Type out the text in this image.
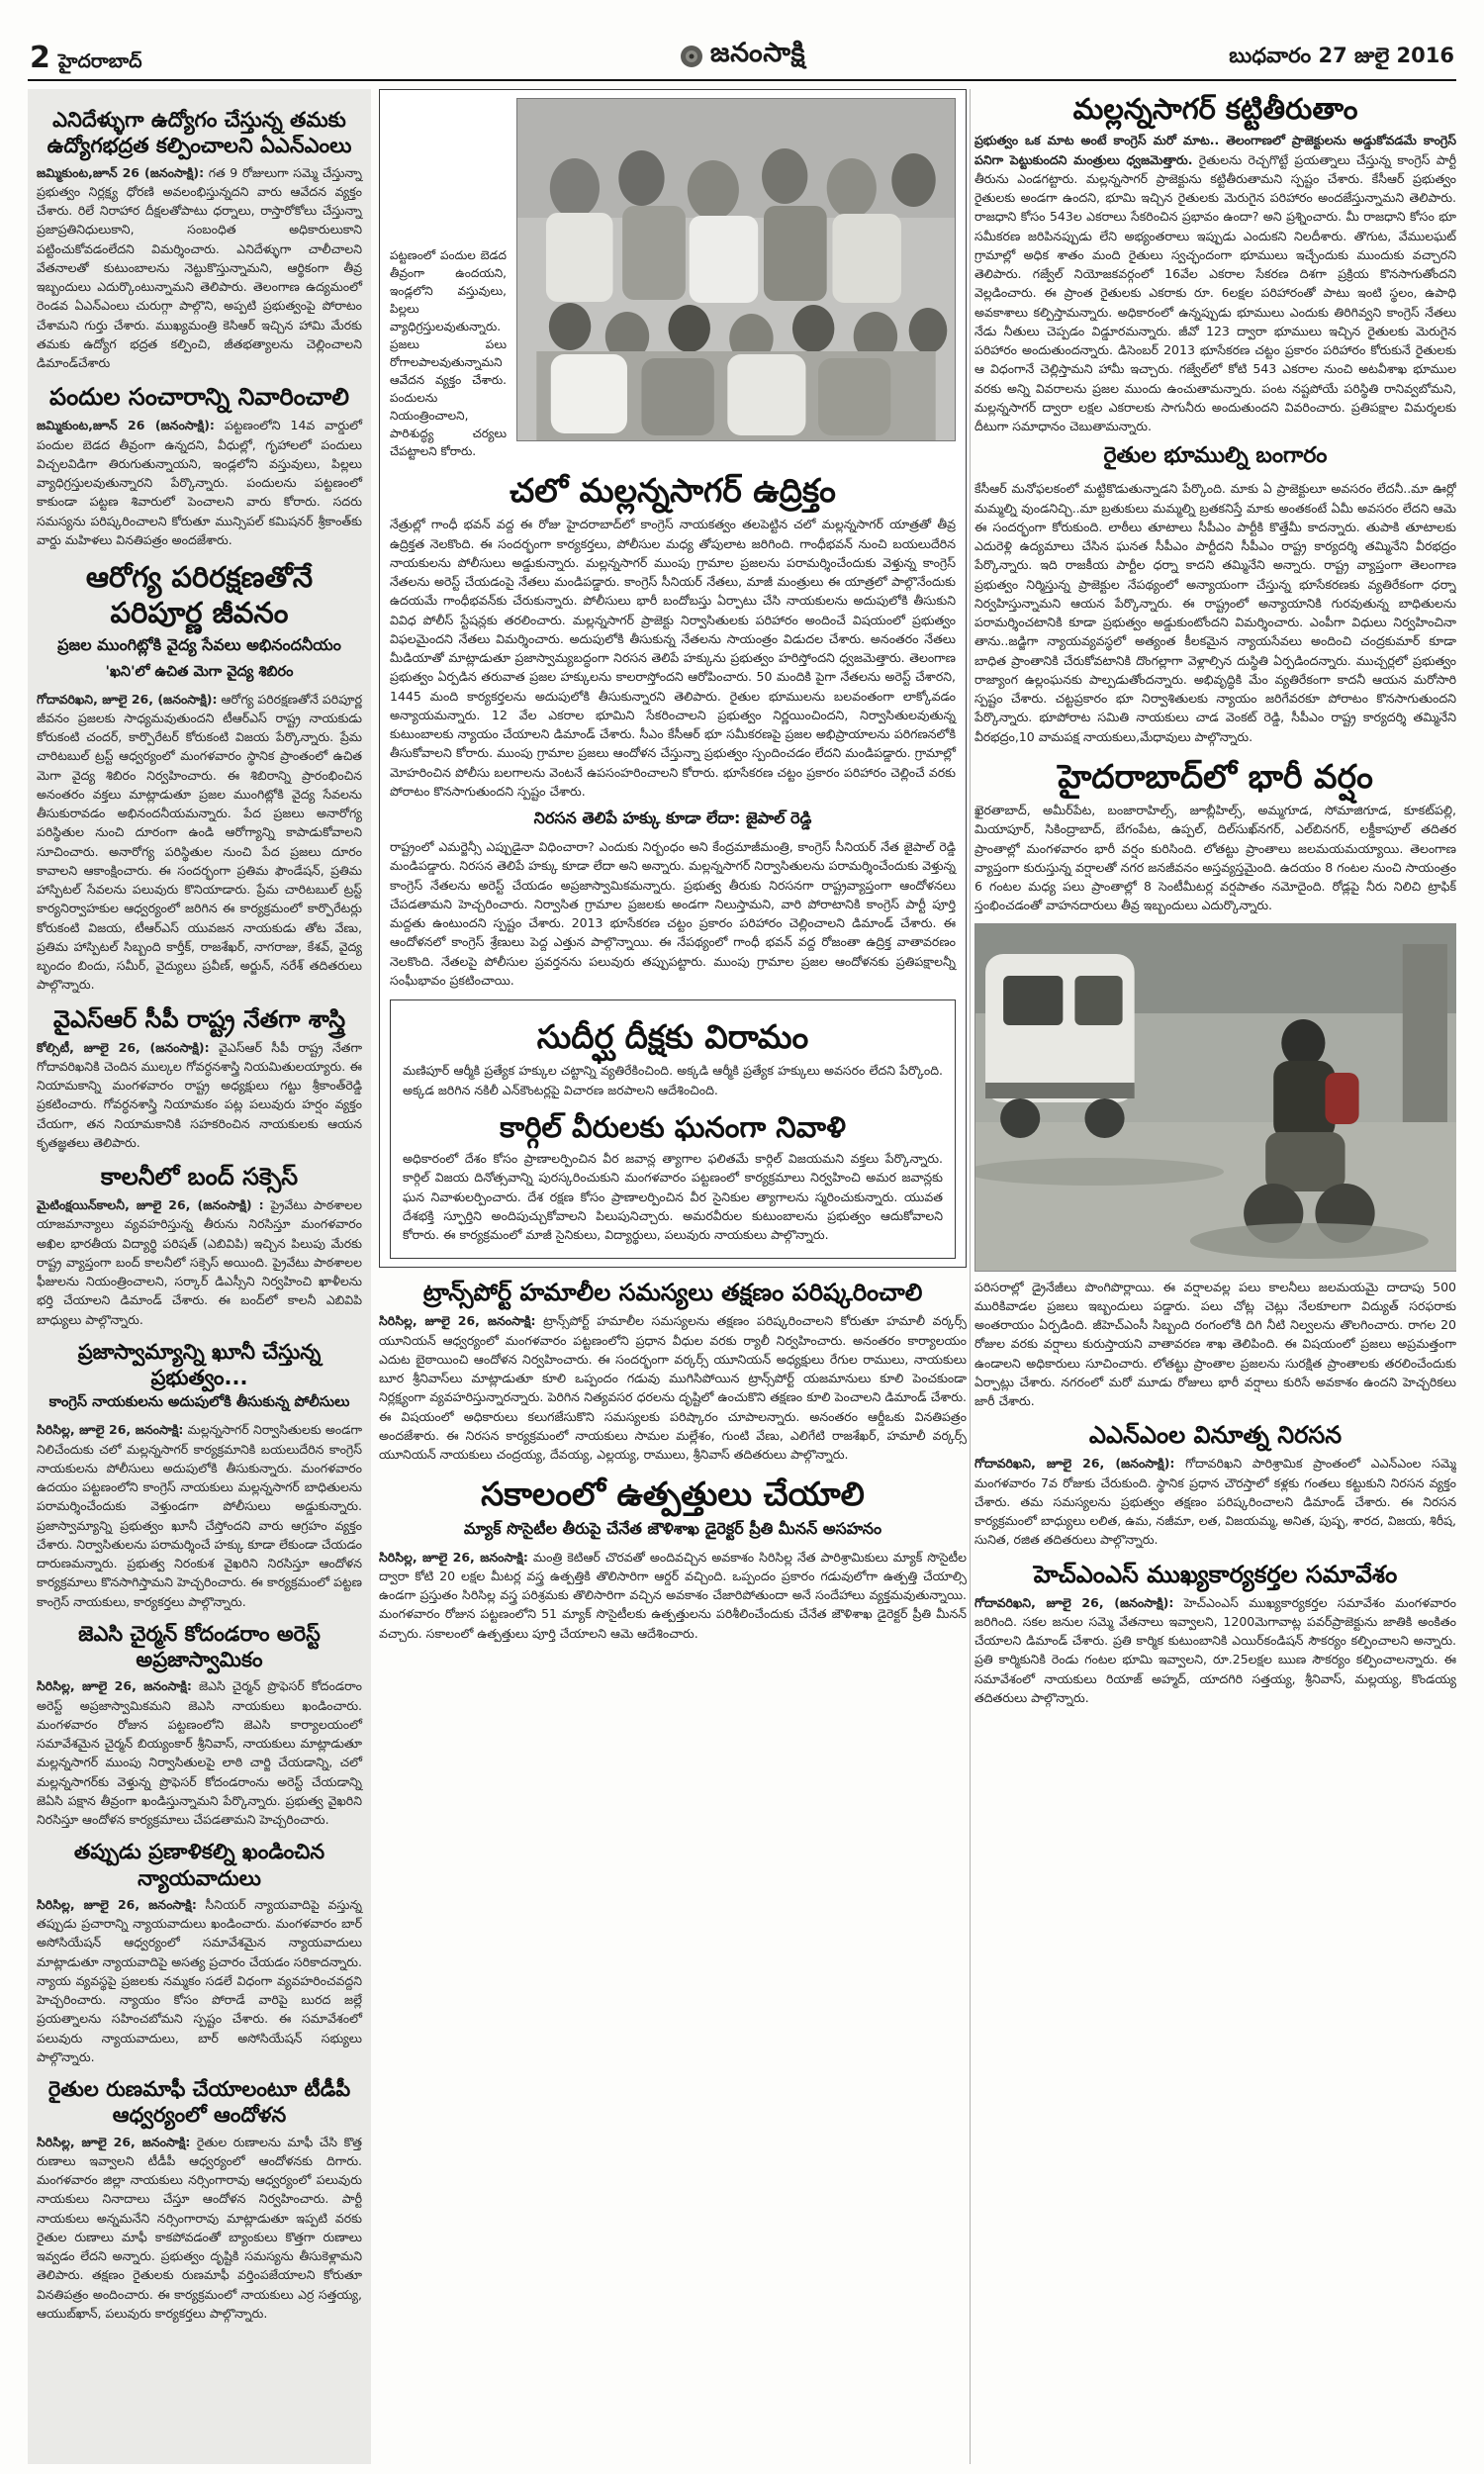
2 హైదరాబాద్	జనంసాక్షి	బుధవారం 27 జులై 2016
ఎనిదేళ్ళుగా ఉద్యోగం చేస్తున్న తమకు ఉద్యోగభద్రత కల్పించాలని ఏఎన్ఎంలు

జమ్మికుంట,జూన్ 26 (జనంసాక్షి): గత 9 రోజులుగా సమ్మె చేస్తున్నా ప్రభుత్వం నిర్లక్ష్య ధోరణి అవలంభిస్తున్నదని వారు ఆవేదన వ్యక్తం చేశారు. రిలే నిరాహార దీక్షలతోపాటు ధర్నాలు, రాస్తారోకోలు చేస్తున్నా ప్రజాప్రతినిధులుకాని, సంబంధిత అధికారులుకాని పట్టించుకోవడంలేదని విమర్శించారు. ఎనిదేళ్ళుగా చాలీచాలని వేతనాలతో కుటుంబాలను నెట్టుకొస్తున్నామని, ఆర్థికంగా తీవ్ర ఇబ్బందులు ఎదుర్కొంటున్నామని తెలిపారు. తెలంగాణ ఉద్యమంలో రెండవ ఏఎన్ఎంలు చురుగ్గా పాల్గొని, అప్పటి ప్రభుత్వంపై పోరాటం చేశామని గుర్తు చేశారు. ముఖ్యమంత్రి కెసిఆర్ ఇచ్చిన హామి మేరకు తమకు ఉద్యోగ భద్రత కల్పించి, జీతభత్యాలను చెల్లించాలని డిమాండ్‌చేశారు

పందుల సంచారాన్ని నివారించాలి

జమ్మికుంట,జూన్ 26 (జనంసాక్షి): పట్టణంలోని 14వ వార్డులో పందుల బెడద తీవ్రంగా ఉన్నదని, వీధుల్లో, గృహాలలో పందులు విచ్చలవిడిగా తిరుగుతున్నాయని, ఇండ్లలోని వస్తువులు, పిల్లలు వ్యాధిగ్రస్తులవుతున్నారని పేర్కొన్నారు. పందులను పట్టణంలో కాకుండా పట్టణ శివారులో పెంచాలని వారు కోరారు. సదరు సమస్యను పరిష్కరించాలని కోరుతూ మున్సిపల్ కమిషనర్ శ్రీకాంత్‌కు వార్డు మహిళలు వినతిపత్రం అందజేశారు.

ఆరోగ్య పరిరక్షణతోనే పరిపూర్ణ జీవనం
ప్రజల ముంగిట్లోకి వైద్య సేవలు అభినందనీయం
'ఖని'లో ఉచిత మెగా వైద్య శిబిరం

గోదావరిఖని, జూలై 26, (జనంసాక్షి): ఆరోగ్య పరిరక్షణతోనే పరిపూర్ణ జీవనం ప్రజలకు సాధ్యమవుతుందని టీఆర్ఎస్ రాష్ట్ర నాయకుడు కోరుకంటి చందర్, కార్పొరేటర్ కోరుకంటి విజయ పేర్కొన్నారు. ప్రేమ చారిటబుల్ ట్రస్ట్ ఆధ్వర్యంలో మంగళవారం స్థానిక ప్రాంతంలో ఉచిత మెగా వైద్య శిబిరం నిర్వహించారు. ఈ శిబిరాన్ని ప్రారంభించిన అనంతరం వక్తలు మాట్లాడుతూ ప్రజల ముంగిట్లోకి వైద్య సేవలను తీసుకురావడం అభినందనీయమన్నారు. పేద ప్రజలు అనారోగ్య పరిస్థితుల నుంచి దూరంగా ఉండి ఆరోగ్యాన్ని కాపాడుకోవాలని సూచించారు. అనారోగ్య పరిస్థితుల నుంచి పేద ప్రజలు దూరం కావాలని ఆకాంక్షించారు. ఈ సందర్భంగా ప్రతిమ ఫౌండేషన్, ప్రతిమ హాస్పిటల్ సేవలను పలువురు కొనియాడారు. ప్రేమ చారిటబుల్ ట్రస్ట్ కార్యనిర్వాహకుల ఆధ్వర్యంలో జరిగిన ఈ కార్యక్రమంలో కార్పొరేటర్లు కోరుకంటి విజయ, టీఆర్ఎస్ యువజన నాయకుడు తోట వేణు, ప్రతిమ హాస్పిటల్ సిబ్బంది కార్తీక్, రాజశేఖర్, నాగరాజు, కేశవ్, వైద్య బృందం బిందు, సమీర్, వైద్యులు ప్రవీణ్, అర్జున్, నరేశ్ తదితరులు పాల్గొన్నారు.

వైఎస్ఆర్ సీపీ రాష్ట్ర నేతగా శాస్త్రి

కోల్సిటీ, జూలై 26, (జనంసాక్షి): వైఎస్ఆర్ సీపీ రాష్ట్ర నేతగా గోదావరిఖనికి చెందిన ముల్కల గోవర్ధనశాస్త్రి నియమితులయ్యారు. ఈ నియామకాన్ని మంగళవారం రాష్ట్ర అధ్యక్షులు గట్టు శ్రీకాంత్‌రెడ్డి ప్రకటించారు. గోవర్ధనశాస్త్రి నియామకం పట్ల పలువురు హర్షం వ్యక్తం చేయగా, తన నియామకానికి సహకరించిన నాయకులకు ఆయన కృతజ్ఞతలు తెలిపారు.

కాలనీలో బంద్ సక్సెస్

మైటింక్షయిన్‌కాలనీ, జూలై 26, (జనంసాక్షి) : ప్రైవేటు పాఠశాలల యాజమాన్యాలు వ్యవహరిస్తున్న తీరును నిరసిస్తూ మంగళవారం అఖిల భారతీయ విద్యార్థి పరిషత్ (ఎబివిపి) ఇచ్చిన పిలుపు మేరకు రాష్ట్ర వ్యాప్తంగా బంద్ కాలనీలో సక్సెస్ అయింది. ప్రైవేటు పాఠశాలల ఫీజులను నియంత్రించాలని, సర్కార్ డిఎస్సీని నిర్వహించి ఖాళీలను భర్తి చేయాలని డిమాండ్ చేశారు. ఈ బంద్‌లో కాలనీ ఎబివిపి బాధ్యులు పాల్గొన్నారు.

ప్రజాస్వామ్యాన్ని ఖూనీ చేస్తున్న ప్రభుత్వం...
కాంగ్రెస్ నాయకులను అదుపులోకి తీసుకున్న పోలీసులు

సిరిసిల్ల, జూలై 26, జనంసాక్షి: మల్లన్నసాగర్ నిర్వాసితులకు అండగా నిలిచేందుకు చలో మల్లన్నసాగర్ కార్యక్రమానికి బయలుదేరిన కాంగ్రెస్ నాయకులను పోలీసులు అదుపులోకి తీసుకున్నారు. మంగళవారం ఉదయం పట్టణంలోని కాంగ్రెస్ నాయకులు మల్లన్నసాగర్ బాధితులను పరామర్శించేందుకు వెళ్తుండగా పోలీసులు అడ్డుకున్నారు. ప్రజాస్వామ్యాన్ని ప్రభుత్వం ఖూనీ చేస్తోందని వారు ఆగ్రహం వ్యక్తం చేశారు. నిర్వాసితులను పరామర్శించే హక్కు కూడా లేకుండా చేయడం దారుణమన్నారు. ప్రభుత్వ నిరంకుశ వైఖరిని నిరసిస్తూ ఆందోళన కార్యక్రమాలు కొనసాగిస్తామని హెచ్చరించారు. ఈ కార్యక్రమంలో పట్టణ కాంగ్రెస్ నాయకులు, కార్యకర్తలు పాల్గొన్నారు.

జెఎసి చైర్మన్ కోదండరాం అరెస్ట్ అప్రజాస్వామికం

సిరిసిల్ల, జూలై 26, జనంసాక్షి: జెఎసి చైర్మన్ ప్రొఫెసర్ కోదండరాం అరెస్ట్ అప్రజాస్వామికమని జెఎసి నాయకులు ఖండించారు. మంగళవారం రోజున పట్టణంలోని జెఎసి కార్యాలయంలో సమావేశమైన చైర్మన్ బియ్యంకార్ శ్రీనివాస్, నాయకులు మాట్లాడుతూ మల్లన్నసాగర్ ముంపు నిర్వాసితులపై లాఠి చార్జి చేయడాన్ని, చలో మల్లన్నసాగర్‌కు వెళ్తున్న ప్రొఫెసర్ కోదండరాంను అరెస్ట్ చేయడాన్ని జెఏసి పక్షాన తీవ్రంగా ఖండిస్తున్నామని పేర్కొన్నారు. ప్రభుత్వ వైఖరిని నిరసిస్తూ ఆందోళన కార్యక్రమాలు చేపడతామని హెచ్చరించారు.

తప్పుడు ప్రణాళికల్ని ఖండించిన న్యాయవాదులు

సిరిసిల్ల, జూలై 26, జనంసాక్షి: సీనియర్ న్యాయవాదిపై వస్తున్న తప్పుడు ప్రచారాన్ని న్యాయవాదులు ఖండించారు. మంగళవారం బార్ అసోసియేషన్ ఆధ్వర్యంలో సమావేశమైన న్యాయవాదులు మాట్లాడుతూ న్యాయవాదిపై అసత్య ప్రచారం చేయడం సరికాదన్నారు. న్యాయ వ్యవస్థపై ప్రజలకు నమ్మకం సడలే విధంగా వ్యవహరించవద్దని హెచ్చరించారు. న్యాయం కోసం పోరాడే వారిపై బురద జల్లే ప్రయత్నాలను సహించబోమని స్పష్టం చేశారు. ఈ సమావేశంలో పలువురు న్యాయవాదులు, బార్ అసోసియేషన్ సభ్యులు పాల్గొన్నారు.

రైతుల రుణమాఫీ చేయాలంటూ టీడీపీ ఆధ్వర్యంలో ఆందోళన

సిరిసిల్ల, జూలై 26, జనంసాక్షి: రైతుల రుణాలను మాఫీ చేసి కొత్త రుణాలు ఇవ్వాలని టీడీపీ ఆధ్వర్యంలో ఆందోళనకు దిగారు. మంగళవారం జిల్లా నాయకులు నర్సింగారావు ఆధ్వర్యంలో పలువురు నాయకులు నినాదాలు చేస్తూ ఆందోళన నిర్వహించారు. పార్టీ నాయకులు అన్నమనేని నర్సింగారావు మాట్లాడుతూ ఇప్పటి వరకు రైతుల రుణాలు మాఫీ కాకపోవడంతో బ్యాంకులు కొత్తగా రుణాలు ఇవ్వడం లేదని అన్నారు. ప్రభుత్వం దృష్టికి సమస్యను తీసుకెళ్లామని తెలిపారు. తక్షణం రైతులకు రుణమాఫీ వర్తింపజేయాలని కోరుతూ వినతిపత్రం అందించారు. ఈ కార్యక్రమంలో నాయకులు ఎర్ర సత్తయ్య, ఆయుబ్‌ఖాన్, పలువురు కార్యకర్తలు పాల్గొన్నారు.

పట్టణంలో పందుల బెడద తీవ్రంగా ఉందయని, ఇండ్లలోని వస్తువులు, పిల్లలు వ్యాధిగ్రస్తులవుతున్నారు. ప్రజలు పలు రోగాలపాలవుతున్నామని ఆవేదన వ్యక్తం చేశారు. పందులను నియంత్రించాలని, పారిశుద్ధ్య చర్యలు చేపట్టాలని కోరారు.

చలో మల్లన్నసాగర్ ఉద్రిక్తం

నేత్రుల్లో గాంధీ భవన్ వద్ద ఈ రోజు హైదరాబాద్‌లో కాంగ్రెస్ నాయకత్వం తలపెట్టిన చలో మల్లన్నసాగర్ యాత్రతో తీవ్ర ఉద్రిక్తత నెలకొంది. ఈ సందర్భంగా కార్యకర్తలు, పోలీసుల మధ్య తోపులాట జరిగింది. గాంధీభవన్ నుంచి బయలుదేరిన నాయకులను పోలీసులు అడ్డుకున్నారు. మల్లన్నసాగర్ ముంపు గ్రామాల ప్రజలను పరామర్శించేందుకు వెళ్తున్న కాంగ్రెస్ నేతలను అరెస్ట్ చేయడంపై నేతలు మండిపడ్డారు. కాంగ్రెస్ సీనియర్ నేతలు, మాజీ మంత్రులు ఈ యాత్రలో పాల్గొనేందుకు ఉదయమే గాంధీభవన్‌కు చేరుకున్నారు. పోలీసులు భారీ బందోబస్తు ఏర్పాటు చేసి నాయకులను అదుపులోకి తీసుకుని వివిధ పోలీస్ స్టేషన్లకు తరలించారు. మల్లన్నసాగర్ ప్రాజెక్టు నిర్వాసితులకు పరిహారం అందించే విషయంలో ప్రభుత్వం విఫలమైందని నేతలు విమర్శించారు. అదుపులోకి తీసుకున్న నేతలను సాయంత్రం విడుదల చేశారు. అనంతరం నేతలు మీడియాతో మాట్లాడుతూ ప్రజాస్వామ్యబద్ధంగా నిరసన తెలిపే హక్కును ప్రభుత్వం హరిస్తోందని ధ్వజమెత్తారు. తెలంగాణ ప్రభుత్వం ఏర్పడిన తరువాత ప్రజల హక్కులను కాలరాస్తోందని ఆరోపించారు. 50 మందికి పైగా నేతలను అరెస్ట్ చేశారని, 1445 మంది కార్యకర్తలను అదుపులోకి తీసుకున్నారని తెలిపారు. రైతుల భూములను బలవంతంగా లాక్కోవడం అన్యాయమన్నారు. 12 వేల ఎకరాల భూమిని సేకరించాలని ప్రభుత్వం నిర్ణయించిందని, నిర్వాసితులవుతున్న కుటుంబాలకు న్యాయం చేయాలని డిమాండ్ చేశారు. సీఎం కేసీఆర్ భూ సమీకరణపై ప్రజల అభిప్రాయాలను పరిగణనలోకి తీసుకోవాలని కోరారు. ముంపు గ్రామాల ప్రజలు ఆందోళన చేస్తున్నా ప్రభుత్వం స్పందించడం లేదని మండిపడ్డారు. గ్రామాల్లో మోహరించిన పోలీసు బలగాలను వెంటనే ఉపసంహరించాలని కోరారు. భూసేకరణ చట్టం ప్రకారం పరిహారం చెల్లించే వరకు పోరాటం కొనసాగుతుందని స్పష్టం చేశారు.

నిరసన తెలిపే హక్కు కూడా లేదా: జైపాల్ రెడ్డి

రాష్ట్రంలో ఎమర్జెన్సీ ఎప్పుడైనా విధించారా? ఎందుకు నిర్బంధం అని కేంద్రమాజీమంత్రి, కాంగ్రెస్ సీనియర్ నేత జైపాల్ రెడ్డి మండిపడ్డారు. నిరసన తెలిపే హక్కు కూడా లేదా అని అన్నారు. మల్లన్నసాగర్ నిర్వాసితులను పరామర్శించేందుకు వెళ్తున్న కాంగ్రెస్ నేతలను అరెస్ట్ చేయడం అప్రజాస్వామికమన్నారు. ప్రభుత్వ తీరుకు నిరసనగా రాష్ట్రవ్యాప్తంగా ఆందోళనలు చేపడతామని హెచ్చరించారు. నిర్వాసిత గ్రామాల ప్రజలకు అండగా నిలుస్తామని, వారి పోరాటానికి కాంగ్రెస్ పార్టీ పూర్తి మద్దతు ఉంటుందని స్పష్టం చేశారు. 2013 భూసేకరణ చట్టం ప్రకారం పరిహారం చెల్లించాలని డిమాండ్ చేశారు. ఈ ఆందోళనలో కాంగ్రెస్ శ్రేణులు పెద్ద ఎత్తున పాల్గొన్నాయి. ఈ నేపథ్యంలో గాంధీ భవన్ వద్ద రోజంతా ఉద్రిక్త వాతావరణం నెలకొంది. నేతలపై పోలీసుల ప్రవర్తనను పలువురు తప్పుపట్టారు. ముంపు గ్రామాల ప్రజల ఆందోళనకు ప్రతిపక్షాలన్నీ సంఘీభావం ప్రకటించాయి.

సుదీర్ఘ దీక్షకు విరామం

మణిపూర్ ఆర్మీకి ప్రత్యేక హక్కుల చట్టాన్ని వ్యతిరేకించింది. అక్కడి ఆర్మీకి ప్రత్యేక హక్కులు అవసరం లేదని పేర్కొంది. అక్కడ జరిగిన నకిలీ ఎన్‌కౌంటర్లపై విచారణ జరపాలని ఆదేశించింది.

కార్గిల్ వీరులకు ఘనంగా నివాళి

అధికారంలో దేశం కోసం ప్రాణాలర్పించిన వీర జవాన్ల త్యాగాల ఫలితమే కార్గిల్ విజయమని వక్తలు పేర్కొన్నారు. కార్గిల్ విజయ దినోత్సవాన్ని పురస్కరించుకుని మంగళవారం పట్టణంలో కార్యక్రమాలు నిర్వహించి అమర జవాన్లకు ఘన నివాళులర్పించారు. దేశ రక్షణ కోసం ప్రాణాలర్పించిన వీర సైనికుల త్యాగాలను స్మరించుకున్నారు. యువత దేశభక్తి స్ఫూర్తిని అందిపుచ్చుకోవాలని పిలుపునిచ్చారు. అమరవీరుల కుటుంబాలను ప్రభుత్వం ఆదుకోవాలని కోరారు. ఈ కార్యక్రమంలో మాజీ సైనికులు, విద్యార్థులు, పలువురు నాయకులు పాల్గొన్నారు.

ట్రాన్స్‌పోర్ట్ హమాలీల సమస్యలు తక్షణం పరిష్కరించాలి

సిరిసిల్ల, జూలై 26, జనంసాక్షి: ట్రాన్స్‌పోర్ట్ హమాలీల సమస్యలను తక్షణం పరిష్కరించాలని కోరుతూ హమాలీ వర్కర్స్ యూనియన్ ఆధ్వర్యంలో మంగళవారం పట్టణంలోని ప్రధాన వీధుల వరకు ర్యాలీ నిర్వహించారు. అనంతరం కార్యాలయం ఎదుట బైఠాయించి ఆందోళన నిర్వహించారు. ఈ సందర్భంగా వర్కర్స్ యూనియన్ అధ్యక్షులు రేగుల రాములు, నాయకులు బూర శ్రీనివాస్‌లు మాట్లాడుతూ కూలి ఒప్పందం గడువు ముగిసిపోయిన ట్రాన్స్‌పోర్ట్ యజమానులు కూలి పెంచకుండా నిర్లక్ష్యంగా వ్యవహరిస్తున్నారన్నారు. పెరిగిన నిత్యవసర ధరలను దృష్టిలో ఉంచుకొని తక్షణం కూలి పెంచాలని డిమాండ్ చేశారు. ఈ విషయంలో అధికారులు కలుగజేసుకొని సమస్యలకు పరిష్కారం చూపాలన్నారు. అనంతరం ఆర్డీఒకు వినతిపత్రం అందజేశారు. ఈ నిరసన కార్యక్రమంలో నాయకులు సామల మల్లేశం, గుంటి వేణు, ఎలిగేటి రాజశేఖర్, హమాలీ వర్కర్స్ యూనియన్ నాయకులు చంద్రయ్య, దేవయ్య, ఎల్లయ్య, రాములు, శ్రీనివాస్ తదితరులు పాల్గొన్నారు.

సకాలంలో ఉత్పత్తులు చేయాలి
మ్యాక్ సొసైటీల తీరుపై చేనేత జౌళిశాఖ డైరెక్టర్ ప్రీతి మీనన్ అసహనం

సిరిసిల్ల, జూలై 26, జనంసాక్షి: మంత్రి కెటిఆర్ చొరవతో అందివచ్చిన అవకాశం సిరిసిల్ల నేత పారిశ్రామికులు మ్యాక్ సొసైటీల ద్వారా కోటి 20 లక్షల మీటర్ల వస్త్ర ఉత్పత్తికి తొలిసారిగా ఆర్డర్ వచ్చింది. ఒప్పందం ప్రకారం గడువులోగా ఉత్పత్తి చేయాల్సి ఉండగా ప్రస్తుతం సిరిసిల్ల వస్త్ర పరిశ్రమకు తొలిసారిగా వచ్చిన అవకాశం చేజారిపోతుందా అనే సందేహాలు వ్యక్తమవుతున్నాయి. మంగళవారం రోజున పట్టణంలోని 51 మ్యాక్ సొసైటీలకు ఉత్పత్తులను పరిశీలించేందుకు చేనేత జౌళిశాఖ డైరెక్టర్ ప్రీతి మీనన్ వచ్చారు. సకాలంలో ఉత్పత్తులు పూర్తి చేయాలని ఆమె ఆదేశించారు.

మల్లన్నసాగర్ కట్టితీరుతాం

ప్రభుత్వం ఒక మాట అంటే కాంగ్రెస్ మరో మాట.. తెలంగాణలో ప్రాజెక్టులను అడ్డుకోవడమే కాంగ్రెస్ పనిగా పెట్టుకుందని మంత్రులు ధ్వజమెత్తారు. రైతులను రెచ్చగొట్టే ప్రయత్నాలు చేస్తున్న కాంగ్రెస్ పార్టీ తీరును ఎండగట్టారు. మల్లన్నసాగర్ ప్రాజెక్టును కట్టితీరుతామని స్పష్టం చేశారు. కేసీఆర్ ప్రభుత్వం రైతులకు అండగా ఉందని, భూమి ఇచ్చిన రైతులకు మెరుగైన పరిహారం అందజేస్తున్నామని తెలిపారు. రాజధాని కోసం 543ల ఎకరాలు సేకరించిన ప్రభావం ఉందా? అని ప్రశ్నించారు. మీ రాజధాని కోసం భూ సమీకరణ జరిపినప్పుడు లేని అభ్యంతరాలు ఇప్పుడు ఎందుకని నిలదీశారు. తొగుట, వేములఘట్ గ్రామాల్లో అధిక శాతం మంది రైతులు స్వచ్ఛందంగా భూములు ఇచ్చేందుకు ముందుకు వచ్చారని తెలిపారు. గజ్వేల్ నియోజకవర్గంలో 16వేల ఎకరాల సేకరణ దిశగా ప్రక్రియ కొనసాగుతోందని వెల్లడించారు. ఈ ప్రాంత రైతులకు ఎకరాకు రూ. 6లక్షల పరిహారంతో పాటు ఇంటి స్థలం, ఉపాధి అవకాశాలు కల్పిస్తామన్నారు. అధికారంలో ఉన్నప్పుడు భూములు ఎందుకు తిరిగివ్వని కాంగ్రెస్ నేతలు నేడు నీతులు చెప్పడం విడ్డూరమన్నారు. జీవో 123 ద్వారా భూములు ఇచ్చిన రైతులకు మెరుగైన పరిహారం అందుతుందన్నారు. డిసెంబర్ 2013 భూసేకరణ చట్టం ప్రకారం పరిహారం కోరుకునే రైతులకు ఆ విధంగానే చెల్లిస్తామని హామీ ఇచ్చారు. గజ్వేల్‌లో కోటి 543 ఎకరాల నుంచి అటవీశాఖ భూముల వరకు అన్ని వివరాలను ప్రజల ముందు ఉంచుతామన్నారు. పంట నష్టపోయే పరిస్థితి రానివ్వబోమని, మల్లన్నసాగర్ ద్వారా లక్షల ఎకరాలకు సాగునీరు అందుతుందని వివరించారు. ప్రతిపక్షాల విమర్శలకు దీటుగా సమాధానం చెబుతామన్నారు.

రైతుల భూముల్ని బంగారం

కేసీఆర్ మనోఫలకంలో మట్టికొడుతున్నాడని పేర్కొంది. మాకు ఏ ప్రాజెక్టులూ అవసరం లేదనీ..మా ఊర్లో మమ్మల్ని వుండనిచ్చి..మా బ్రతుకులు మమ్మల్ని బ్రతకనిస్తే మాకు అంతకంటే ఏమీ అవసరం లేదని ఆమె ఈ సందర్భంగా కోరుకుంది. లాఠీలు తూటాలు సీపీఎం పార్టీకి కొత్తేమీ కాదన్నారు. తుపాకి తూటాలకు ఎదురెళ్లి ఉద్యమాలు చేసిన ఘనత సీపీఎం పార్టీదని సీపీఎం రాష్ట్ర కార్యదర్శి తమ్మినేని వీరభద్రం పేర్కొన్నారు. ఇది రాజకీయ పార్టీల ధర్నా కాదని తమ్మినేని అన్నారు. రాష్ట్ర వ్యాప్తంగా తెలంగాణ ప్రభుత్వం నిర్మిస్తున్న ప్రాజెక్టుల నేపథ్యంలో అన్యాయంగా చేస్తున్న భూసేకరణకు వ్యతిరేకంగా ధర్నా నిర్వహిస్తున్నామని ఆయన పేర్కొన్నారు. ఈ రాష్ట్రంలో అన్యాయానికి గురవుతున్న బాధితులను పరామర్శించటానికి కూడా ప్రభుత్వం అడ్డుకుంటోందని విమర్శించారు. ఎంపీగా విధులు నిర్వహించినా తాను..జడ్జిగా న్యాయవ్యవస్థలో అత్యంత కీలకమైన న్యాయసేవలు అందించి చంద్రకుమార్ కూడా బాధిత ప్రాంతానికి చేరుకోవటానికి దొంగల్లాగా వెళ్లాల్సిన దుస్థితి ఏర్పడిందన్నారు. ముచ్చర్లలో ప్రభుత్వం రాజ్యాంగ ఉల్లంఘనకు పాల్పడుతోందన్నారు. అభివృద్ధికి మేం వ్యతిరేకంగా కాదనీ ఆయన మరోసారి స్పష్టం చేశారు. చట్టప్రకారం భూ నిర్వాశితులకు న్యాయం జరిగేవరకూ పోరాటం కొనసాగుతుందని పేర్కొన్నారు. భూపోరాట సమితి నాయకులు చాడ వెంకట్ రెడ్డి, సీపీఎం రాష్ట్ర కార్యదర్శి తమ్మినేని వీరభద్రం,10 వామపక్ష నాయకులు,మేధావులు పాల్గొన్నారు.

హైదరాబాద్‌లో భారీ వర్షం

ఖైరతాబాద్, అమీర్‌పేట, బంజారాహిల్స్, జూబ్లీహిల్స్, అమ్మగూడ, సోమాజిగూడ, కూకట్‌పల్లి, మియాపూర్, సికింద్రాబాద్, బేగంపేట, ఉప్పల్, దిల్‌సుఖ్‌నగర్, ఎల్‌బినగర్, లక్డీకాపూల్ తదితర ప్రాంతాల్లో మంగళవారం భారీ వర్షం కురిసింది. లోతట్టు ప్రాంతాలు జలమయమయ్యాయి. తెలంగాణ వ్యాప్తంగా కురుస్తున్న వర్షాలతో నగర జనజీవనం అస్తవ్యస్తమైంది. ఉదయం 8 గంటల నుంచి సాయంత్రం 6 గంటల మధ్య పలు ప్రాంతాల్లో 8 సెంటీమీటర్ల వర్షపాతం నమోదైంది. రోడ్లపై నీరు నిలిచి ట్రాఫిక్ స్తంభించడంతో వాహనదారులు తీవ్ర ఇబ్బందులు ఎదుర్కొన్నారు.

పరిసరాల్లో డ్రైనేజీలు పొంగిపొర్లాయి. ఈ వర్షాలవల్ల పలు కాలనీలు జలమయమై దాదాపు 500 మురికివాడల ప్రజలు ఇబ్బందులు పడ్డారు. పలు చోట్ల చెట్లు నేలకూలగా విద్యుత్ సరఫరాకు అంతరాయం ఏర్పడింది. జీహెచ్ఎంసీ సిబ్బంది రంగంలోకి దిగి నీటి నిల్వలను తొలగించారు. రాగల 20 రోజుల వరకు వర్షాలు కురుస్తాయని వాతావరణ శాఖ తెలిపింది. ఈ విషయంలో ప్రజలు అప్రమత్తంగా ఉండాలని అధికారులు సూచించారు. లోతట్టు ప్రాంతాల ప్రజలను సురక్షిత ప్రాంతాలకు తరలించేందుకు ఏర్పాట్లు చేశారు. నగరంలో మరో మూడు రోజులు భారీ వర్షాలు కురిసే అవకాశం ఉందని హెచ్చరికలు జారీ చేశారు.

ఎఎన్ఎంల వినూత్న నిరసన

గోదావరిఖని, జూలై 26, (జనంసాక్షి): గోదావరిఖని పారిశ్రామిక ప్రాంతంలో ఎఎన్ఎంల సమ్మె మంగళవారం 7వ రోజుకు చేరుకుంది. స్థానిక ప్రధాన చౌరస్తాలో కళ్లకు గంతలు కట్టుకుని నిరసన వ్యక్తం చేశారు. తమ సమస్యలను ప్రభుత్వం తక్షణం పరిష్కరించాలని డిమాండ్ చేశారు. ఈ నిరసన కార్యక్రమంలో బాధ్యులు లలిత, ఉమ, నజీమా, లత, విజయమ్మ, అనిత, పుష్ప, శారద, విజయ, శిరీష, సునిత, రజిత తదితరులు పాల్గొన్నారు.

హెచ్ఎంఎస్ ముఖ్యకార్యకర్తల సమావేశం

గోదావరిఖని, జూలై 26, (జనంసాక్షి): హెచ్ఎంఎస్ ముఖ్యకార్యకర్తల సమావేశం మంగళవారం జరిగింది. సకల జనుల సమ్మె వేతనాలు ఇవ్వాలని, 1200మెగావాట్ల పవర్‌ప్రాజెక్టును జాతికి అంకితం చేయాలని డిమాండ్ చేశారు. ప్రతి కార్మిక కుటుంబానికి ఎయిర్‌కండిషన్ సౌకర్యం కల్పించాలని అన్నారు. ప్రతి కార్మికునికి రెండు గంటల భూమి ఇవ్వాలని, రూ.25లక్షల ఋణ సౌకర్యం కల్పించాలన్నారు. ఈ సమావేశంలో నాయకులు రియాజ్ అహ్మద్, యాదగిరి సత్తయ్య, శ్రీనివాస్, మల్లయ్య, కొండయ్య తదితరులు పాల్గొన్నారు.
